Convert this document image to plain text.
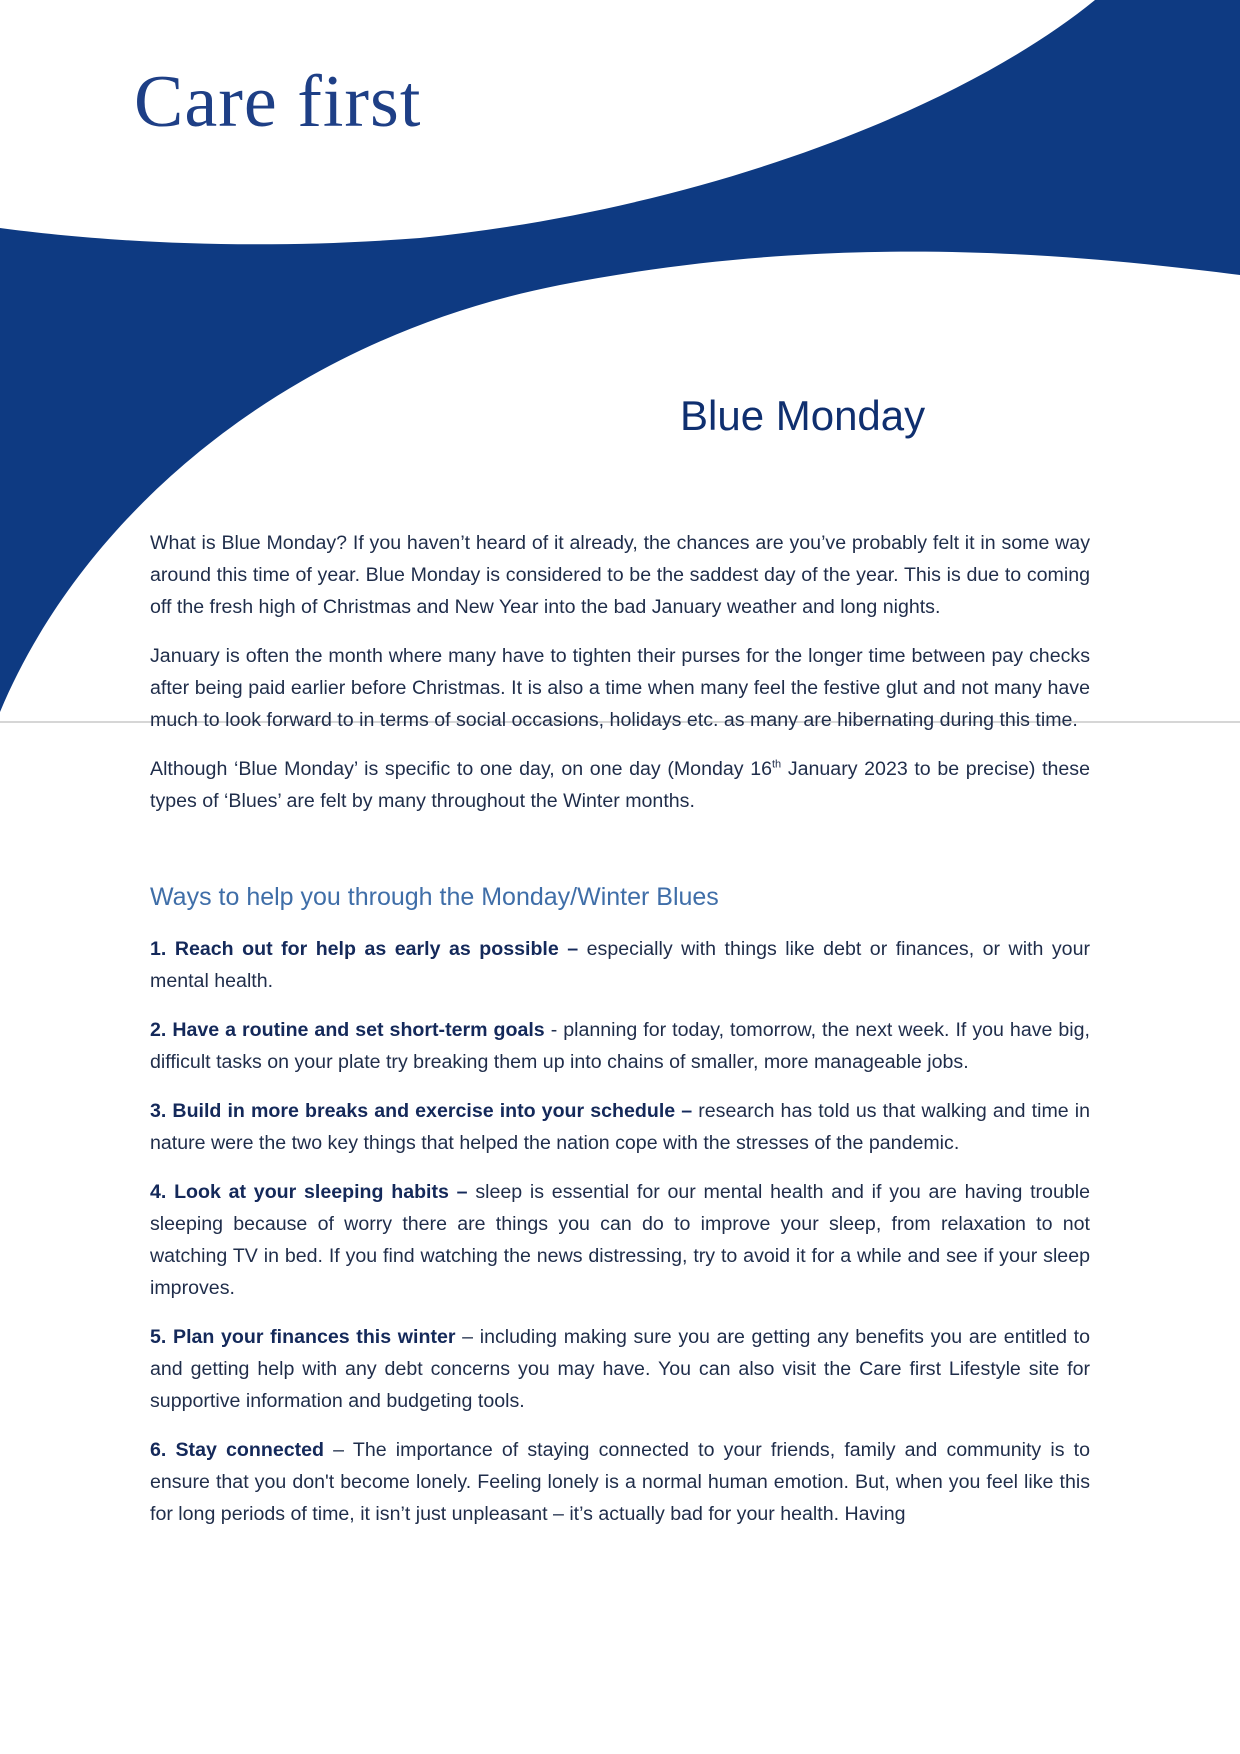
Care first
Blue Monday

What is Blue Monday? If you haven’t heard of it already, the chances are you’ve probably felt it in some way around this time of year. Blue Monday is considered to be the saddest day of the year. This is due to coming off the fresh high of Christmas and New Year into the bad January weather and long nights.

January is often the month where many have to tighten their purses for the longer time between pay checks after being paid earlier before Christmas. It is also a time when many feel the festive glut and not many have much to look forward to in terms of social occasions, holidays etc. as many are hibernating during this time.

Although ‘Blue Monday’ is specific to one day, on one day (Monday 16th January 2023 to be precise) these types of ‘Blues’ are felt by many throughout the Winter months.

Ways to help you through the Monday/Winter Blues

1. Reach out for help as early as possible – especially with things like debt or finances, or with your mental health.

2. Have a routine and set short-term goals - planning for today, tomorrow, the next week. If you have big, difficult tasks on your plate try breaking them up into chains of smaller, more manageable jobs.

3. Build in more breaks and exercise into your schedule – research has told us that walking and time in nature were the two key things that helped the nation cope with the stresses of the pandemic.

4. Look at your sleeping habits – sleep is essential for our mental health and if you are having trouble sleeping because of worry there are things you can do to improve your sleep, from relaxation to not watching TV in bed. If you find watching the news distressing, try to avoid it for a while and see if your sleep improves.

5. Plan your finances this winter – including making sure you are getting any benefits you are entitled to and getting help with any debt concerns you may have. You can also visit the Care first Lifestyle site for supportive information and budgeting tools.

6. Stay connected – The importance of staying connected to your friends, family and community is to ensure that you don't become lonely. Feeling lonely is a normal human emotion. But, when you feel like this for long periods of time, it isn’t just unpleasant – it’s actually bad for your health. Having
